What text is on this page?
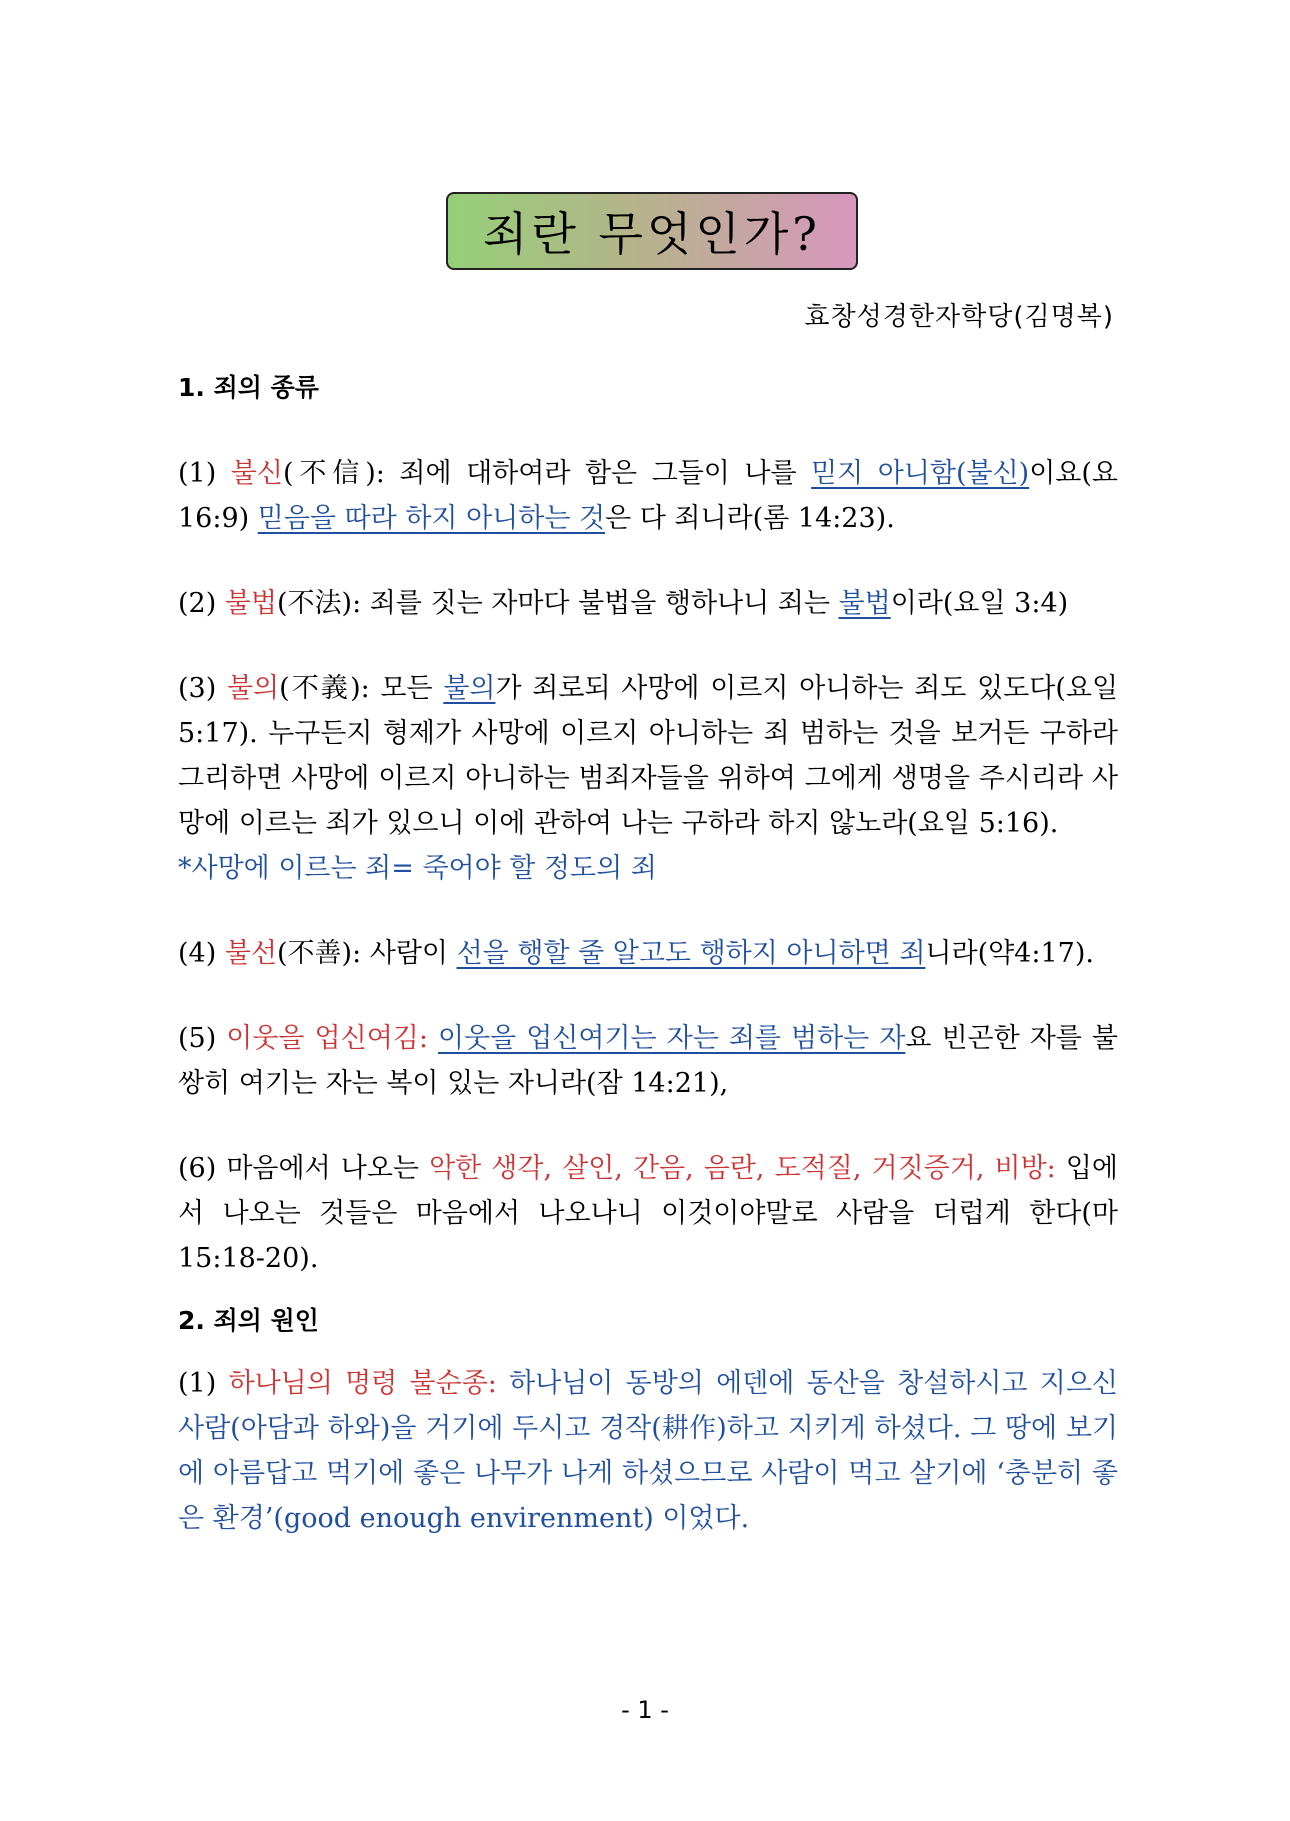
죄란 무엇인가?
효창성경한자학당(김명복)

1. 죄의 종류

(1) 불신(不信): 죄에 대하여라 함은 그들이 나를 믿지 아니함(불신)이요(요 16:9) 믿음을 따라 하지 아니하는 것은 다 죄니라(롬 14:23).

(2) 불법(不法): 죄를 짓는 자마다 불법을 행하나니 죄는 불법이라(요일 3:4)

(3) 불의(不義): 모든 불의가 죄로되 사망에 이르지 아니하는 죄도 있도다(요일 5:17). 누구든지 형제가 사망에 이르지 아니하는 죄 범하는 것을 보거든 구하라 그리하면 사망에 이르지 아니하는 범죄자들을 위하여 그에게 생명을 주시리라 사망에 이르는 죄가 있으니 이에 관하여 나는 구하라 하지 않노라(요일 5:16).

*사망에 이르는 죄= 죽어야 할 정도의 죄

(4) 불선(不善): 사람이 선을 행할 줄 알고도 행하지 아니하면 죄니라(약4:17).

(5) 이웃을 업신여김: 이웃을 업신여기는 자는 죄를 범하는 자요 빈곤한 자를 불쌍히 여기는 자는 복이 있는 자니라(잠 14:21),

(6) 마음에서 나오는 악한 생각, 살인, 간음, 음란, 도적질, 거짓증거, 비방: 입에서 나오는 것들은 마음에서 나오나니 이것이야말로 사람을 더럽게 한다(마 15:18-20).

2. 죄의 원인

(1) 하나님의 명령 불순종: 하나님이 동방의 에덴에 동산을 창설하시고 지으신 사람(아담과 하와)을 거기에 두시고 경작(耕作)하고 지키게 하셨다. 그 땅에 보기에 아름답고 먹기에 좋은 나무가 나게 하셨으므로 사람이 먹고 살기에 ‘충분히 좋은 환경’(good enough envirenment) 이었다.

- 1 -
